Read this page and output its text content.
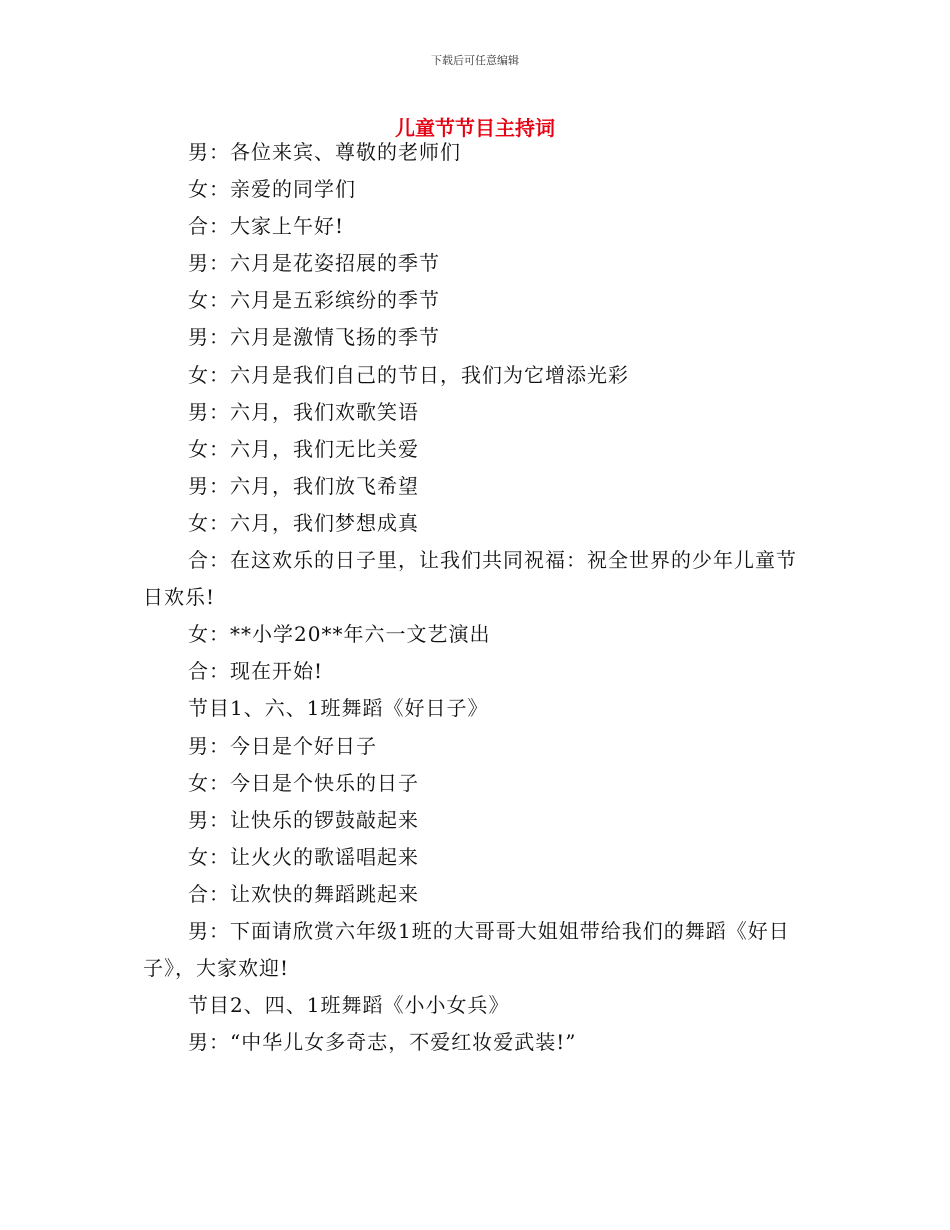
下载后可任意编辑
儿童节节目主持词

男：各位来宾、尊敬的老师们

女：亲爱的同学们

合：大家上午好!

男：六月是花姿招展的季节

女：六月是五彩缤纷的季节

男：六月是激情飞扬的季节

女：六月是我们自己的节日，我们为它增添光彩

男：六月，我们欢歌笑语

女：六月，我们无比关爱

男：六月，我们放飞希望

女：六月，我们梦想成真

合：在这欢乐的日子里，让我们共同祝福：祝全世界的少年儿童节日欢乐!

女：**小学20**年六一文艺演出

合：现在开始!

节目1、六、1班舞蹈《好日子》

男：今日是个好日子

女：今日是个快乐的日子

男：让快乐的锣鼓敲起来

女：让火火的歌谣唱起来

合：让欢快的舞蹈跳起来

男：下面请欣赏六年级1班的大哥哥大姐姐带给我们的舞蹈《好日子》，大家欢迎!

节目2、四、1班舞蹈《小小女兵》

男：“中华儿女多奇志，不爱红妆爱武装!”
